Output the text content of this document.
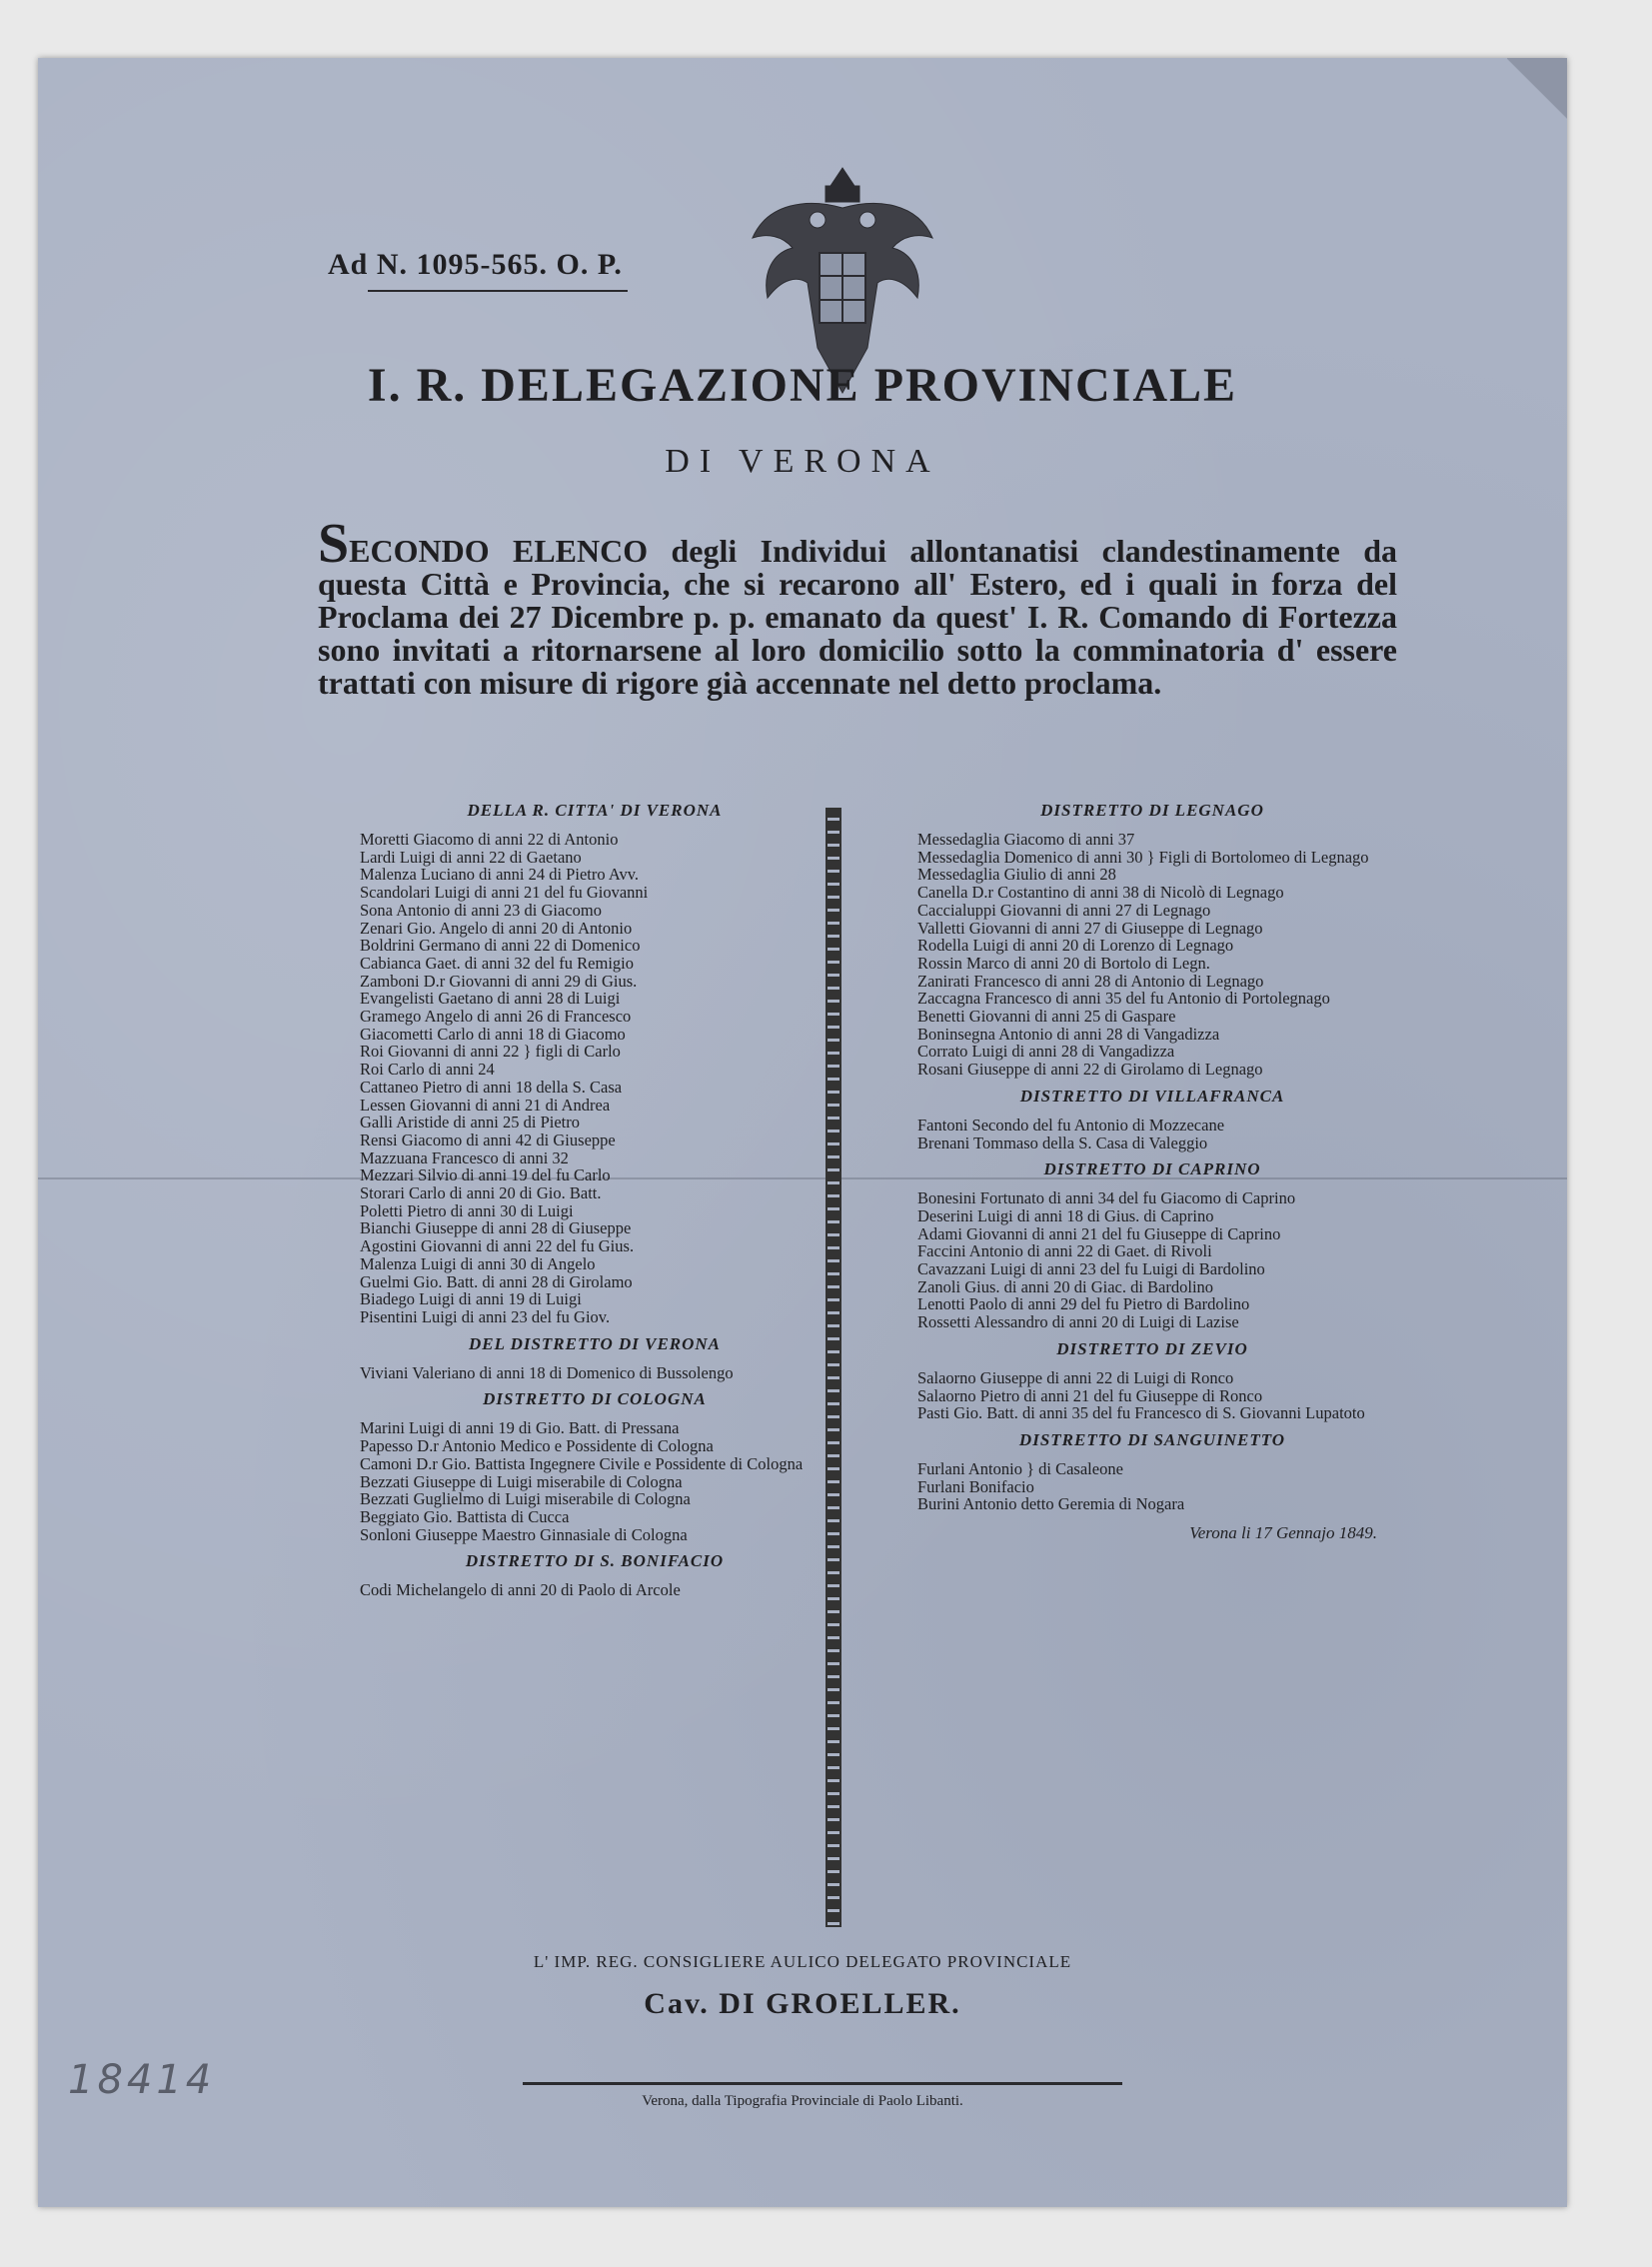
Ad N. 1095-565. O. P.
I. R. DELEGAZIONE PROVINCIALE
DI VERONA
SECONDO ELENCO degli Individui allontanatisi clandestinamente da questa Città e Provincia, che si recarono all' Estero, ed i quali in forza del Proclama dei 27 Dicembre p. p. emanato da quest' I. R. Comando di Fortezza sono invitati a ritornarsene al loro domicilio sotto la comminatoria d' essere trattati con misure di rigore già accennate nel detto proclama.
DELLA R. CITTA' DI VERONA
Moretti Giacomo di anni 22 di Antonio
Lardi Luigi di anni 22 di Gaetano
Malenza Luciano di anni 24 di Pietro Avv.
Scandolari Luigi di anni 21 del fu Giovanni
Sona Antonio di anni 23 di Giacomo
Zenari Gio. Angelo di anni 20 di Antonio
Boldrini Germano di anni 22 di Domenico
Cabianca Gaet. di anni 32 del fu Remigio
Zamboni D.r Giovanni di anni 29 di Gius.
Evangelisti Gaetano di anni 28 di Luigi
Gramego Angelo di anni 26 di Francesco
Giacometti Carlo di anni 18 di Giacomo
Roi Giovanni di anni 22 } figli di Carlo
Roi Carlo di anni 24
Cattaneo Pietro di anni 18 della S. Casa
Lessen Giovanni di anni 21 di Andrea
Galli Aristide di anni 25 di Pietro
Rensi Giacomo di anni 42 di Giuseppe
Mazzuana Francesco di anni 32
Mezzari Silvio di anni 19 del fu Carlo
Storari Carlo di anni 20 di Gio. Batt.
Poletti Pietro di anni 30 di Luigi
Bianchi Giuseppe di anni 28 di Giuseppe
Agostini Giovanni di anni 22 del fu Gius.
Malenza Luigi di anni 30 di Angelo
Guelmi Gio. Batt. di anni 28 di Girolamo
Biadego Luigi di anni 19 di Luigi
Pisentini Luigi di anni 23 del fu Giov.
DEL DISTRETTO DI VERONA
Viviani Valeriano di anni 18 di Domenico di Bussolengo
DISTRETTO DI COLOGNA
Marini Luigi di anni 19 di Gio. Batt. di Pressana
Papesso D.r Antonio Medico e Possidente di Cologna
Camoni D.r Gio. Battista Ingegnere Civile e Possidente di Cologna
Bezzati Giuseppe di Luigi miserabile di Cologna
Bezzati Guglielmo di Luigi miserabile di Cologna
Beggiato Gio. Battista di Cucca
Sonloni Giuseppe Maestro Ginnasiale di Cologna
DISTRETTO DI S. BONIFACIO
Codi Michelangelo di anni 20 di Paolo di Arcole
DISTRETTO DI LEGNAGO
Messedaglia Giacomo di anni 37
Messedaglia Domenico di anni 30 } Figli di Bortolomeo di Legnago
Messedaglia Giulio di anni 28
Canella D.r Costantino di anni 38 di Nicolò di Legnago
Caccialuppi Giovanni di anni 27 di Legnago
Valletti Giovanni di anni 27 di Giuseppe di Legnago
Rodella Luigi di anni 20 di Lorenzo di Legnago
Rossin Marco di anni 20 di Bortolo di Legn.
Zanirati Francesco di anni 28 di Antonio di Legnago
Zaccagna Francesco di anni 35 del fu Antonio di Portolegnago
Benetti Giovanni di anni 25 di Gaspare
Boninsegna Antonio di anni 28 di Vangadizza
Corrato Luigi di anni 28 di Vangadizza
Rosani Giuseppe di anni 22 di Girolamo di Legnago
DISTRETTO DI VILLAFRANCA
Fantoni Secondo del fu Antonio di Mozzecane
Brenani Tommaso della S. Casa di Valeggio
DISTRETTO DI CAPRINO
Bonesini Fortunato di anni 34 del fu Giacomo di Caprino
Deserini Luigi di anni 18 di Gius. di Caprino
Adami Giovanni di anni 21 del fu Giuseppe di Caprino
Faccini Antonio di anni 22 di Gaet. di Rivoli
Cavazzani Luigi di anni 23 del fu Luigi di Bardolino
Zanoli Gius. di anni 20 di Giac. di Bardolino
Lenotti Paolo di anni 29 del fu Pietro di Bardolino
Rossetti Alessandro di anni 20 di Luigi di Lazise
DISTRETTO DI ZEVIO
Salaorno Giuseppe di anni 22 di Luigi di Ronco
Salaorno Pietro di anni 21 del fu Giuseppe di Ronco
Pasti Gio. Batt. di anni 35 del fu Francesco di S. Giovanni Lupatoto
DISTRETTO DI SANGUINETTO
Furlani Antonio } di Casaleone
Furlani Bonifacio
Burini Antonio detto Geremia di Nogara
Verona li 17 Gennajo 1849.
L' IMP. REG. CONSIGLIERE AULICO DELEGATO PROVINCIALE
Cav. DI GROELLER.
Verona, dalla Tipografia Provinciale di Paolo Libanti.
18414
